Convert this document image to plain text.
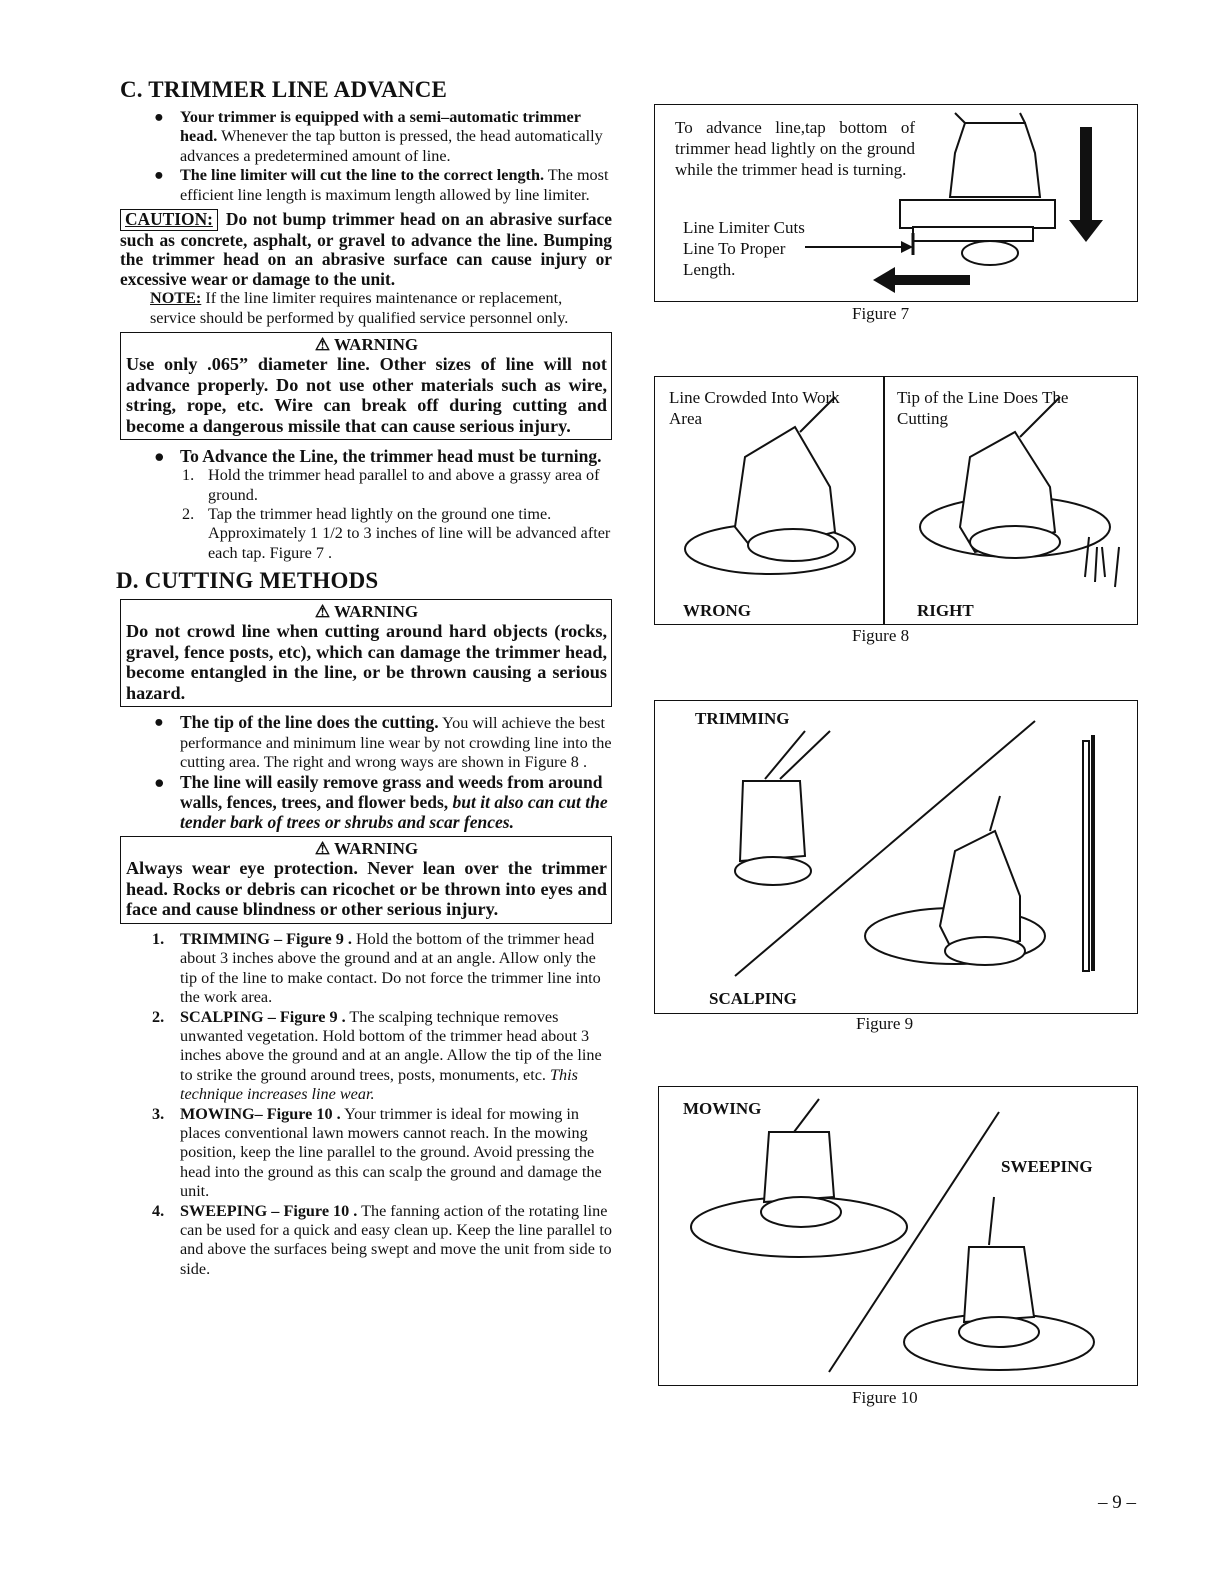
C. TRIMMER LINE ADVANCE

● Your trimmer is equipped with a semi–automatic trimmer head. Whenever the tap button is pressed, the head automatically advances a predetermined amount of line.

● The line limiter will cut the line to the correct length. The most efficient line length is maximum length allowed by line limiter.

CAUTION: Do not bump trimmer head on an abrasive surface such as concrete, asphalt, or gravel to advance the line. Bumping the trimmer head on an abrasive surface can cause injury or excessive wear or damage to the unit.

NOTE: If the line limiter requires maintenance or replacement, service should be performed by qualified service personnel only.

⚠ WARNING
Use only .065” diameter line. Other sizes of line will not advance properly. Do not use other materials such as wire, string, rope, etc. Wire can break off during cutting and become a dangerous missile that can cause serious injury.

● To Advance the Line, the trimmer head must be turning.

1. Hold the trimmer head parallel to and above a grassy area of ground.

2. Tap the trimmer head lightly on the ground one time. Approximately 1 1/2 to 3 inches of line will be advanced after each tap. Figure 7 .

D. CUTTING METHODS
⚠ WARNING
Do not crowd line when cutting around hard objects (rocks, gravel, fence posts, etc), which can damage the trimmer head, become entangled in the line, or be thrown causing a serious hazard.

● The tip of the line does the cutting. You will achieve the best performance and minimum line wear by not crowding line into the cutting area. The right and wrong ways are shown in Figure 8 .

● The line will easily remove grass and weeds from around walls, fences, trees, and flower beds, but it also can cut the tender bark of trees or shrubs and scar fences.

⚠ WARNING
Always wear eye protection. Never lean over the trimmer head. Rocks or debris can ricochet or be thrown into eyes and face and cause blindness or other serious injury.

1. TRIMMING – Figure 9 . Hold the bottom of the trimmer head about 3 inches above the ground and at an angle. Allow only the tip of the line to make contact. Do not force the trimmer line into the work area.

2. SCALPING – Figure 9 . The scalping technique removes unwanted vegetation. Hold bottom of the trimmer head about 3 inches above the ground and at an angle. Allow the tip of the line to strike the ground around trees, posts, monuments, etc. This technique increases line wear.

3. MOWING– Figure 10 . Your trimmer is ideal for mowing in places conventional lawn mowers cannot reach. In the mowing position, keep the line parallel to the ground. Avoid pressing the head into the ground as this can scalp the ground and damage the unit.

4. SWEEPING – Figure 10 . The fanning action of the rotating line can be used for a quick and easy clean up. Keep the line parallel to and above the surfaces being swept and move the unit from side to side.

To advance line,tap bottom of trimmer head lightly on the ground while the trimmer head is turning.
Line Limiter Cuts Line To Proper Length.
Figure 7
Line Crowded Into Work Area
Tip of the Line Does The Cutting
WRONG	RIGHT
Figure 8
TRIMMING
SCALPING
Figure 9
MOWING
SWEEPING
Figure 10
– 9 –
